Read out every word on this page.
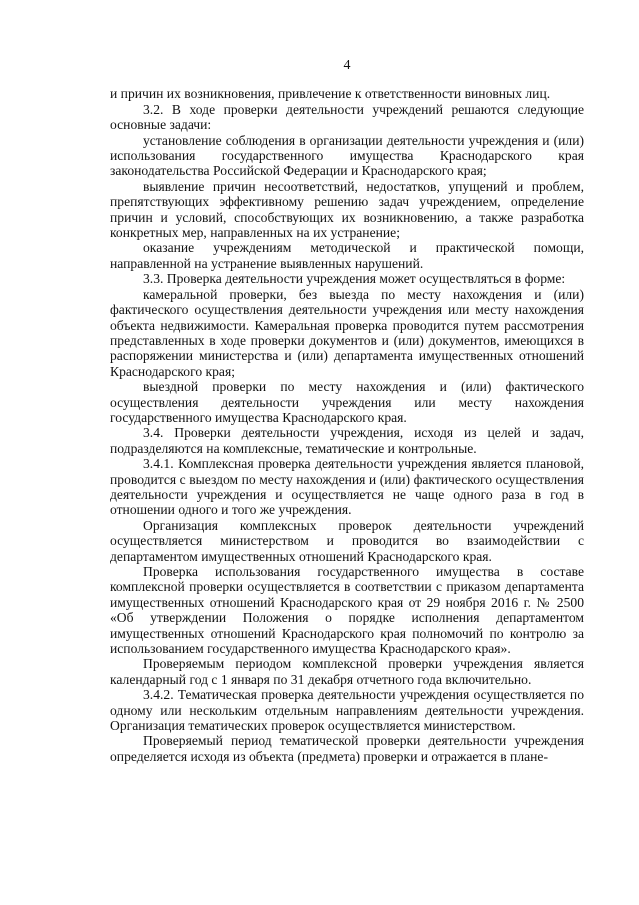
4

и причин их возникновения, привлечение к ответственности виновных лиц.

3.2. В ходе проверки деятельности учреждений решаются следующие основные задачи:

установление соблюдения в организации деятельности учреждения и (или) использования государственного имущества Краснодарского края законодательства Российской Федерации и Краснодарского края;

выявление причин несоответствий, недостатков, упущений и проблем, препятствующих эффективному решению задач учреждением, определение причин и условий, способствующих их возникновению, а также разработка конкретных мер, направленных на их устранение;

оказание учреждениям методической и практической помощи, направленной на устранение выявленных нарушений.

3.3. Проверка деятельности учреждения может осуществляться в форме:

камеральной проверки, без выезда по месту нахождения и (или) фактического осуществления деятельности учреждения или месту нахождения объекта недвижимости. Камеральная проверка проводится путем рассмотрения представленных в ходе проверки документов и (или) документов, имеющихся в распоряжении министерства и (или) департамента имущественных отношений Краснодарского края;

выездной проверки по месту нахождения и (или) фактического осуществления деятельности учреждения или месту нахождения государственного имущества Краснодарского края.

3.4. Проверки деятельности учреждения, исходя из целей и задач, подразделяются на комплексные, тематические и контрольные.

3.4.1. Комплексная проверка деятельности учреждения является плановой, проводится с выездом по месту нахождения и (или) фактического осуществления деятельности учреждения и осуществляется не чаще одного раза в год в отношении одного и того же учреждения.

Организация комплексных проверок деятельности учреждений осуществляется министерством и проводится во взаимодействии с департаментом имущественных отношений Краснодарского края.

Проверка использования государственного имущества в составе комплексной проверки осуществляется в соответствии с приказом департамента имущественных отношений Краснодарского края от 29 ноября 2016 г. № 2500 «Об утверждении Положения о порядке исполнения департаментом имущественных отношений Краснодарского края полномочий по контролю за использованием государственного имущества Краснодарского края».

Проверяемым периодом комплексной проверки учреждения является календарный год с 1 января по 31 декабря отчетного года включительно.

3.4.2. Тематическая проверка деятельности учреждения осуществляется по одному или нескольким отдельным направлениям деятельности учреждения. Организация тематических проверок осуществляется министерством.

Проверяемый период тематической проверки деятельности учреждения определяется исходя из объекта (предмета) проверки и отражается в плане-
